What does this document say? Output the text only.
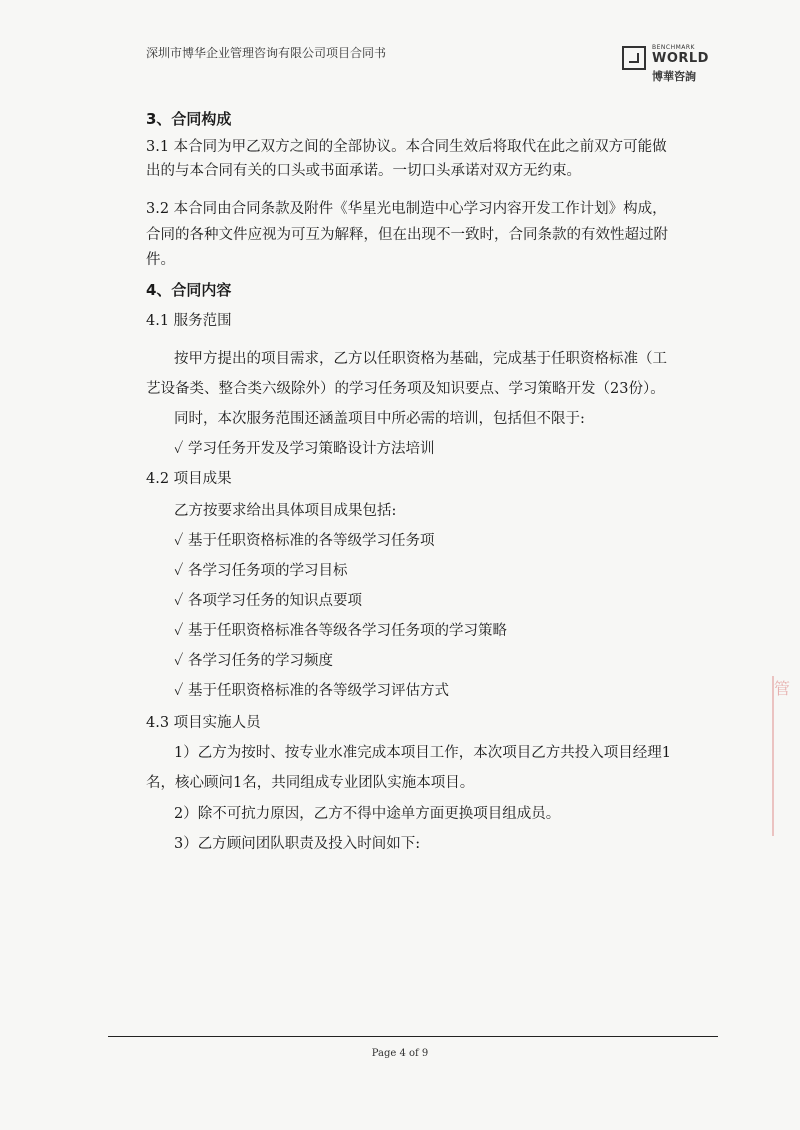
深圳市博华企业管理咨询有限公司项目合同书	BENCHMARK
WORLD
博華咨詢
3、合同构成
3.1 本合同为甲乙双方之间的全部协议。本合同生效后将取代在此之前双方可能做
出的与本合同有关的口头或书面承诺。一切口头承诺对双方无约束。
3.2 本合同由合同条款及附件《华星光电制造中心学习内容开发工作计划》构成，
合同的各种文件应视为可互为解释，但在出现不一致时，合同条款的有效性超过附
件。
4、合同内容
4.1 服务范围
按甲方提出的项目需求，乙方以任职资格为基础，完成基于任职资格标准（工
艺设备类、整合类六级除外）的学习任务项及知识要点、学习策略开发（23份）。
同时，本次服务范围还涵盖项目中所必需的培训，包括但不限于:
✓ 学习任务开发及学习策略设计方法培训
4.2 项目成果
乙方按要求给出具体项目成果包括:
✓ 基于任职资格标准的各等级学习任务项
✓ 各学习任务项的学习目标
✓ 各项学习任务的知识点要项
✓ 基于任职资格标准各等级各学习任务项的学习策略
✓ 各学习任务的学习频度
✓ 基于任职资格标准的各等级学习评估方式
4.3 项目实施人员
1）乙方为按时、按专业水准完成本项目工作，本次项目乙方共投入项目经理1
名，核心顾问1名，共同组成专业团队实施本项目。
2）除不可抗力原因，乙方不得中途单方面更换项目组成员。
3）乙方顾问团队职责及投入时间如下:
管
Page 4 of 9
